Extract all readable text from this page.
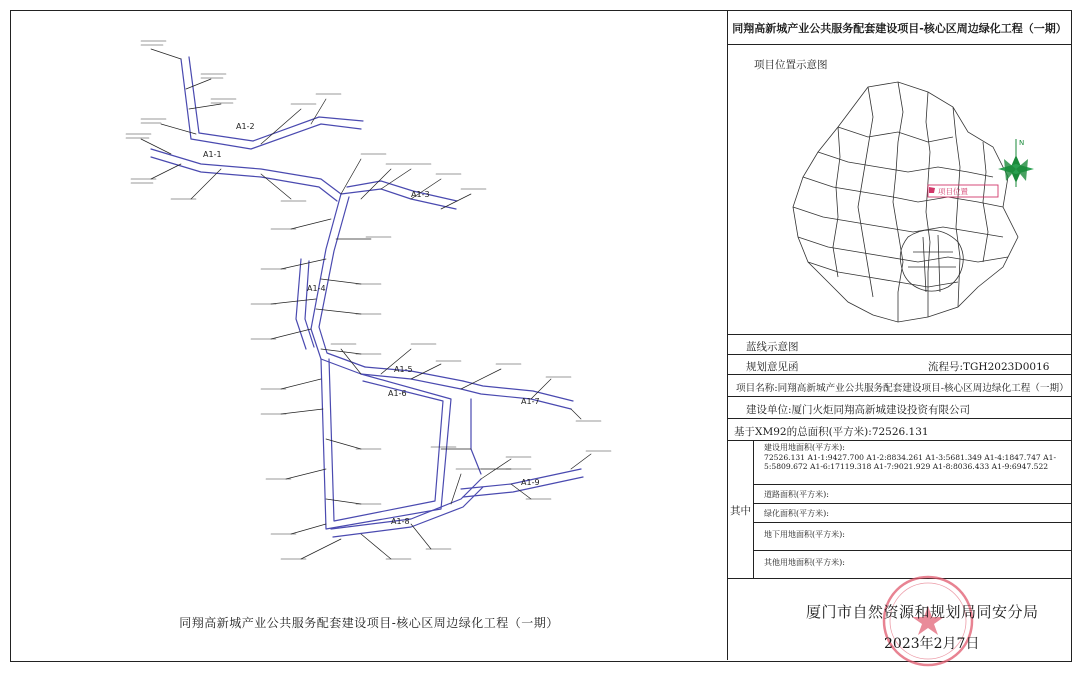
A1-1
A1-2
A1-3
A1-4
A1-5
A1-6
A1-7
A1-8
A1-9
同翔高新城产业公共服务配套建设项目-核心区周边绿化工程（一期）
同翔高新城产业公共服务配套建设项目-核心区周边绿化工程（一期）
项目位置示意图
项目位置
N
蓝线示意图
规划意见函	流程号:TGH2023D0016
项目名称:同翔高新城产业公共服务配套建设项目-核心区周边绿化工程（一期）
建设单位:厦门火炬同翔高新城建设投资有限公司
基于XM92的总面积(平方米):72526.131
其中
建设用地面积(平方米):

72526.131 A1-1:9427.700 A1-2:8834.261 A1-3:5681.349 A1-4:1847.747 A1-5:5809.672 A1-6:17119.318 A1-7:9021.929 A1-8:8036.433 A1-9:6947.522
道路面积(平方米):
绿化面积(平方米):
地下用地面积(平方米):
其他用地面积(平方米):
厦门市自然资源和规划局同安分局
2023年2月7日
